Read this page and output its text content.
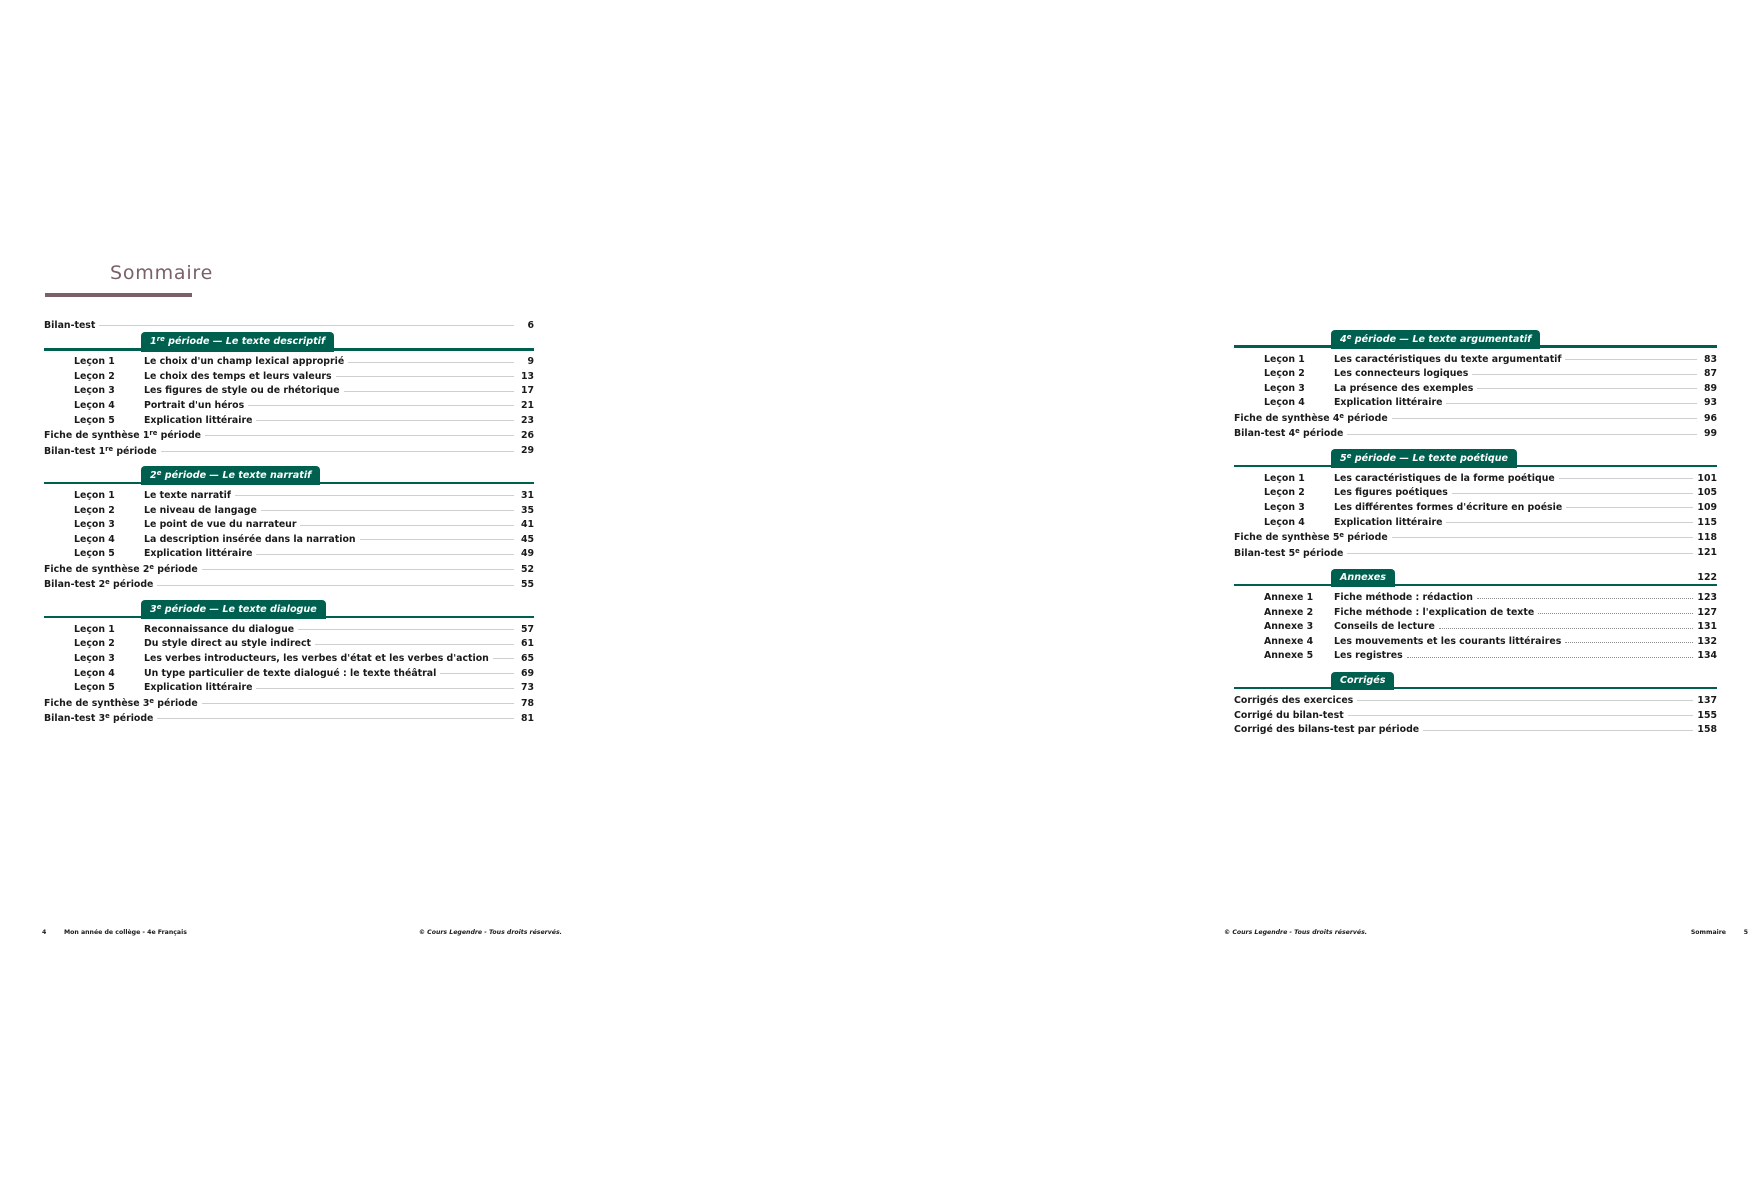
Sommaire
Bilan-test	6
1re période — Le texte descriptif
Leçon 1	Le choix d'un champ lexical approprié	9
Leçon 2	Le choix des temps et leurs valeurs	13
Leçon 3	Les figures de style ou de rhétorique	17
Leçon 4	Portrait d'un héros	21
Leçon 5	Explication littéraire	23
Fiche de synthèse 1re période	26
Bilan-test 1re période	29
2e période — Le texte narratif
Leçon 1	Le texte narratif	31
Leçon 2	Le niveau de langage	35
Leçon 3	Le point de vue du narrateur	41
Leçon 4	La description insérée dans la narration	45
Leçon 5	Explication littéraire	49
Fiche de synthèse 2e période	52
Bilan-test 2e période	55
3e période — Le texte dialogue
Leçon 1	Reconnaissance du dialogue	57
Leçon 2	Du style direct au style indirect	61
Leçon 3	Les verbes introducteurs, les verbes d'état et les verbes d'action	65
Leçon 4	Un type particulier de texte dialogué : le texte théâtral	69
Leçon 5	Explication littéraire	73
Fiche de synthèse 3e période	78
Bilan-test 3e période	81
4	Mon année de collège - 4e Français	© Cours Legendre - Tous droits réservés.
4e période — Le texte argumentatif
Leçon 1	Les caractéristiques du texte argumentatif	83
Leçon 2	Les connecteurs logiques	87
Leçon 3	La présence des exemples	89
Leçon 4	Explication littéraire	93
Fiche de synthèse 4e période	96
Bilan-test 4e période	99
5e période — Le texte poétique
Leçon 1	Les caractéristiques de la forme poétique	101
Leçon 2	Les figures poétiques	105
Leçon 3	Les différentes formes d'écriture en poésie	109
Leçon 4	Explication littéraire	115
Fiche de synthèse 5e période	118
Bilan-test 5e période	121
Annexes	122
Annexe 1	Fiche méthode : rédaction	123
Annexe 2	Fiche méthode : l'explication de texte	127
Annexe 3	Conseils de lecture	131
Annexe 4	Les mouvements et les courants littéraires	132
Annexe 5	Les registres	134
Corrigés
Corrigés des exercices	137
Corrigé du bilan-test	155
Corrigé des bilans-test par période	158
© Cours Legendre - Tous droits réservés.	Sommaire	5
